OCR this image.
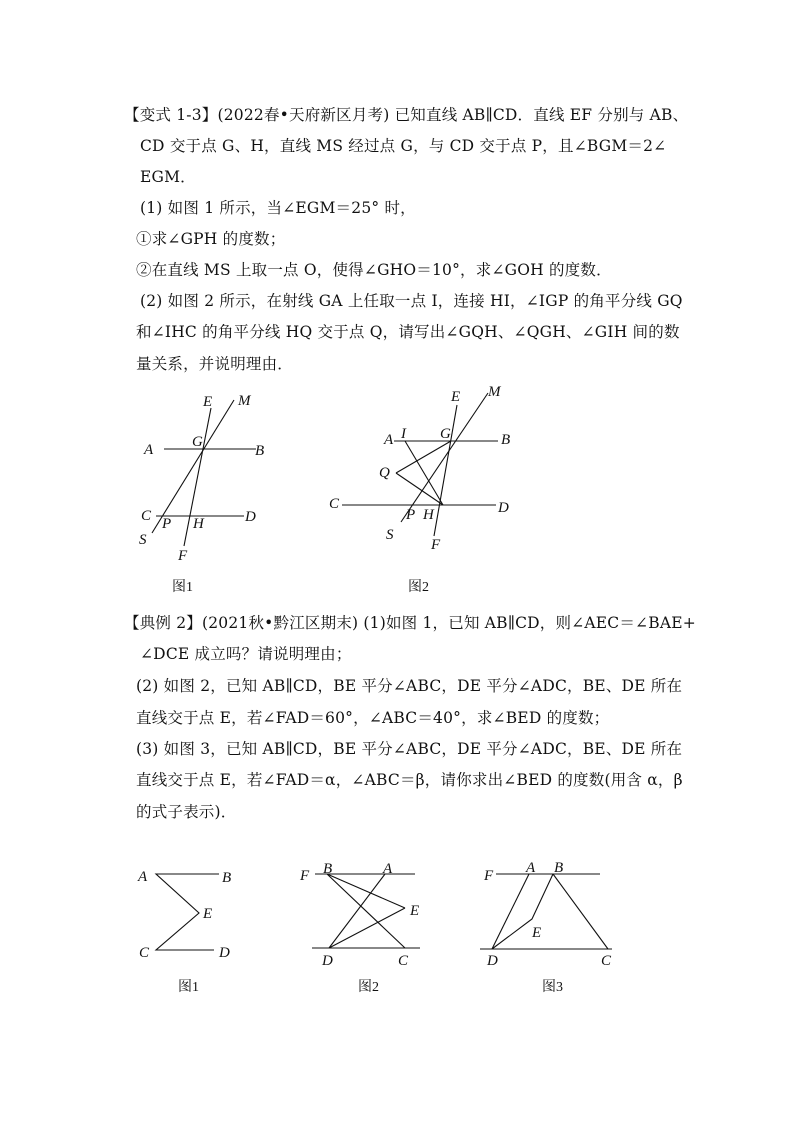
【变式 1-3】(2022春•天府新区月考) 已知直线 AB∥CD．直线 EF 分别与 AB、
CD 交于点 G、H，直线 MS 经过点 G，与 CD 交于点 P，且∠BGM＝2∠
EGM．
(1) 如图 1 所示，当∠EGM＝25° 时，
①求∠GPH 的度数；
②在直线 MS 上取一点 O，使得∠GHO＝10°，求∠GOH 的度数．
(2) 如图 2 所示，在射线 GA 上任取一点 I，连接 HI，∠IGP 的角平分线 GQ
和∠IHC 的角平分线 HQ 交于点 Q，请写出∠GQH、∠QGH、∠GIH 间的数
量关系，并说明理由．
E M
A	G
B
C P H	D
S
F
图1
E M
A I G	B
Q
C	D
P H
S
F
图2
A	B
E
C	D
图1
F B	A
E
D	C
图2
F A B
E
D	C
图3
【典例 2】(2021秋•黔江区期末) (1)如图 1，已知 AB∥CD，则∠AEC＝∠BAE+
∠DCE 成立吗？请说明理由；
(2) 如图 2，已知 AB∥CD，BE 平分∠ABC，DE 平分∠ADC，BE、DE 所在
直线交于点 E，若∠FAD＝60°，∠ABC＝40°，求∠BED 的度数；
(3) 如图 3，已知 AB∥CD，BE 平分∠ABC，DE 平分∠ADC，BE、DE 所在
直线交于点 E，若∠FAD＝α，∠ABC＝β，请你求出∠BED 的度数(用含 α，β
的式子表示)．
